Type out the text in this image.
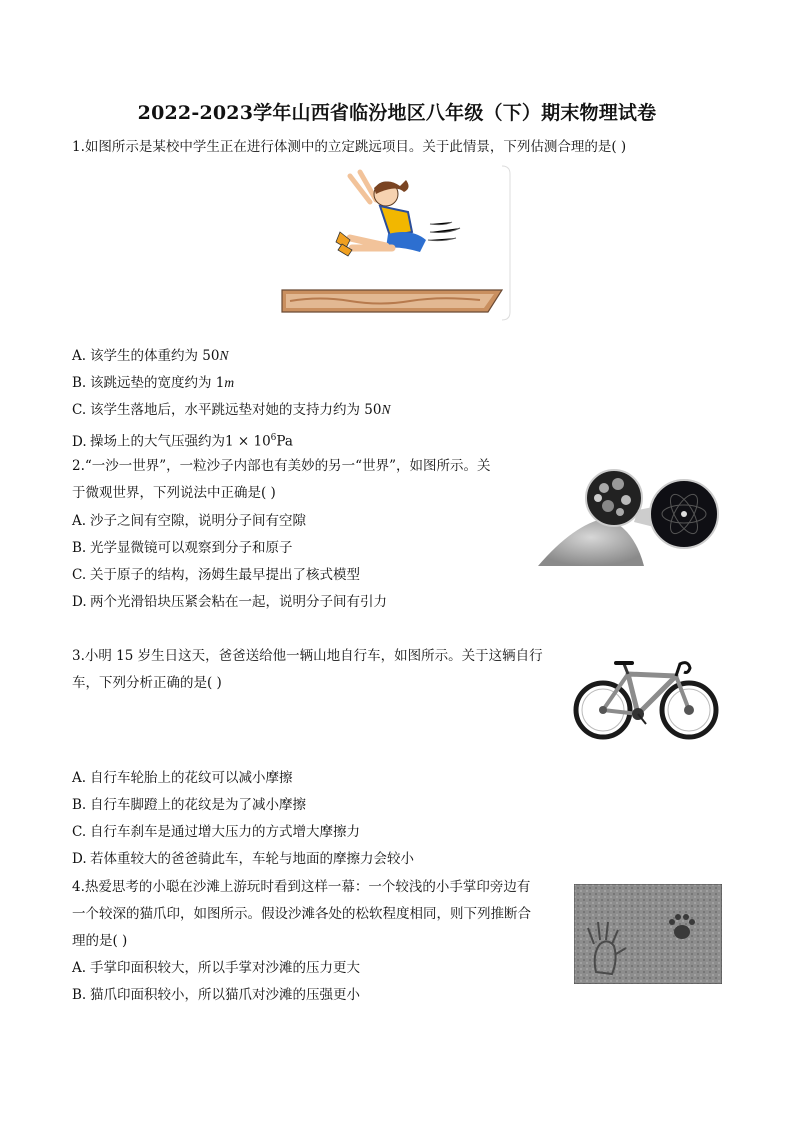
2022-2023学年山西省临汾地区八年级（下）期末物理试卷
1.如图所示是某校中学生正在进行体测中的立定跳远项目。关于此情景，下列估测合理的是( )
A. 该学生的体重约为 50N
B. 该跳远垫的宽度约为 1m
C. 该学生落地后，水平跳远垫对她的支持力约为 50N
D. 操场上的大气压强约为$1 \times 10^6Pa$
2.“一沙一世界”，一粒沙子内部也有美妙的另一“世界”，如图所示。关
于微观世界，下列说法中正确是( )
A. 沙子之间有空隙，说明分子间有空隙
B. 光学显微镜可以观察到分子和原子
C. 关于原子的结构，汤姆生最早提出了核式模型
D. 两个光滑铅块压紧会粘在一起，说明分子间有引力
3.小明 15 岁生日这天，爸爸送给他一辆山地自行车，如图所示。关于这辆自行
车，下列分析正确的是( )
A. 自行车轮胎上的花纹可以减小摩擦
B. 自行车脚蹬上的花纹是为了减小摩擦
C. 自行车刹车是通过增大压力的方式增大摩擦力
D. 若体重较大的爸爸骑此车，车轮与地面的摩擦力会较小
4.热爱思考的小聪在沙滩上游玩时看到这样一幕：一个较浅的小手掌印旁边有
一个较深的猫爪印，如图所示。假设沙滩各处的松软程度相同，则下列推断合
理的是( )
A. 手掌印面积较大，所以手掌对沙滩的压力更大
B. 猫爪印面积较小，所以猫爪对沙滩的压强更小
